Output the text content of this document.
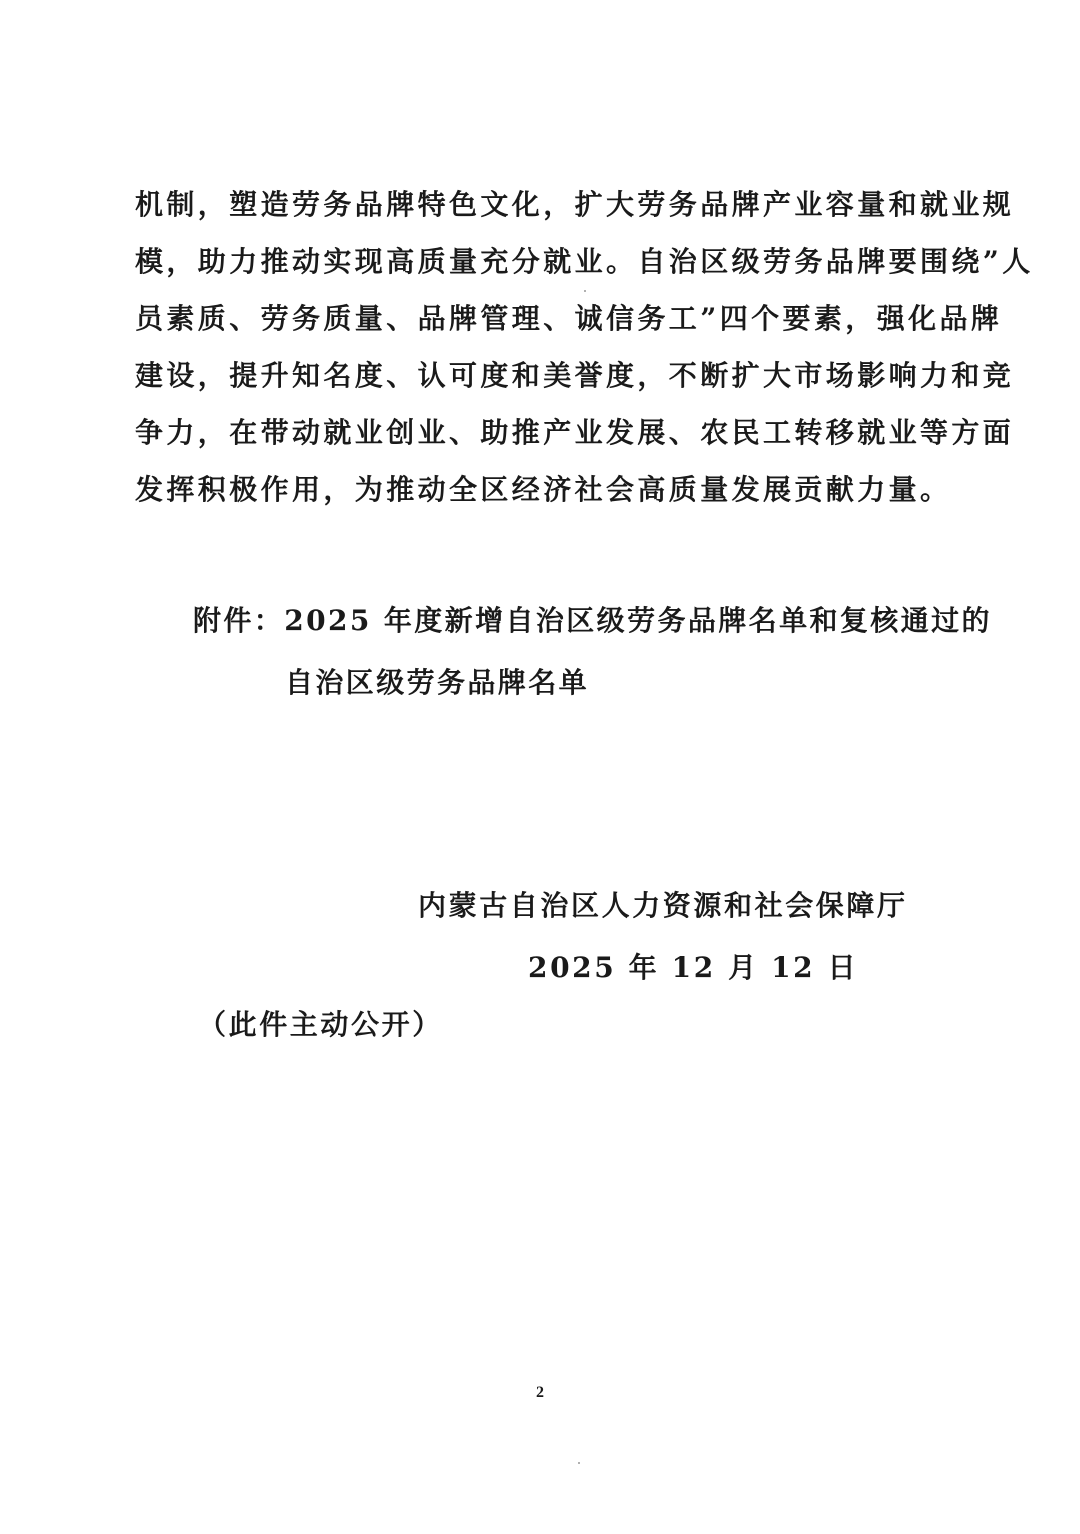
机制，塑造劳务品牌特色文化，扩大劳务品牌产业容量和就业规
模，助力推动实现高质量充分就业。自治区级劳务品牌要围绕”人
员素质、劳务质量、品牌管理、诚信务工”四个要素，强化品牌
建设，提升知名度、认可度和美誉度，不断扩大市场影响力和竞
争力，在带动就业创业、助推产业发展、农民工转移就业等方面
发挥积极作用，为推动全区经济社会高质量发展贡献力量。
附件：2025 年度新增自治区级劳务品牌名单和复核通过的
自治区级劳务品牌名单
内蒙古自治区人力资源和社会保障厅
2025 年 12 月 12 日
（此件主动公开）
2
